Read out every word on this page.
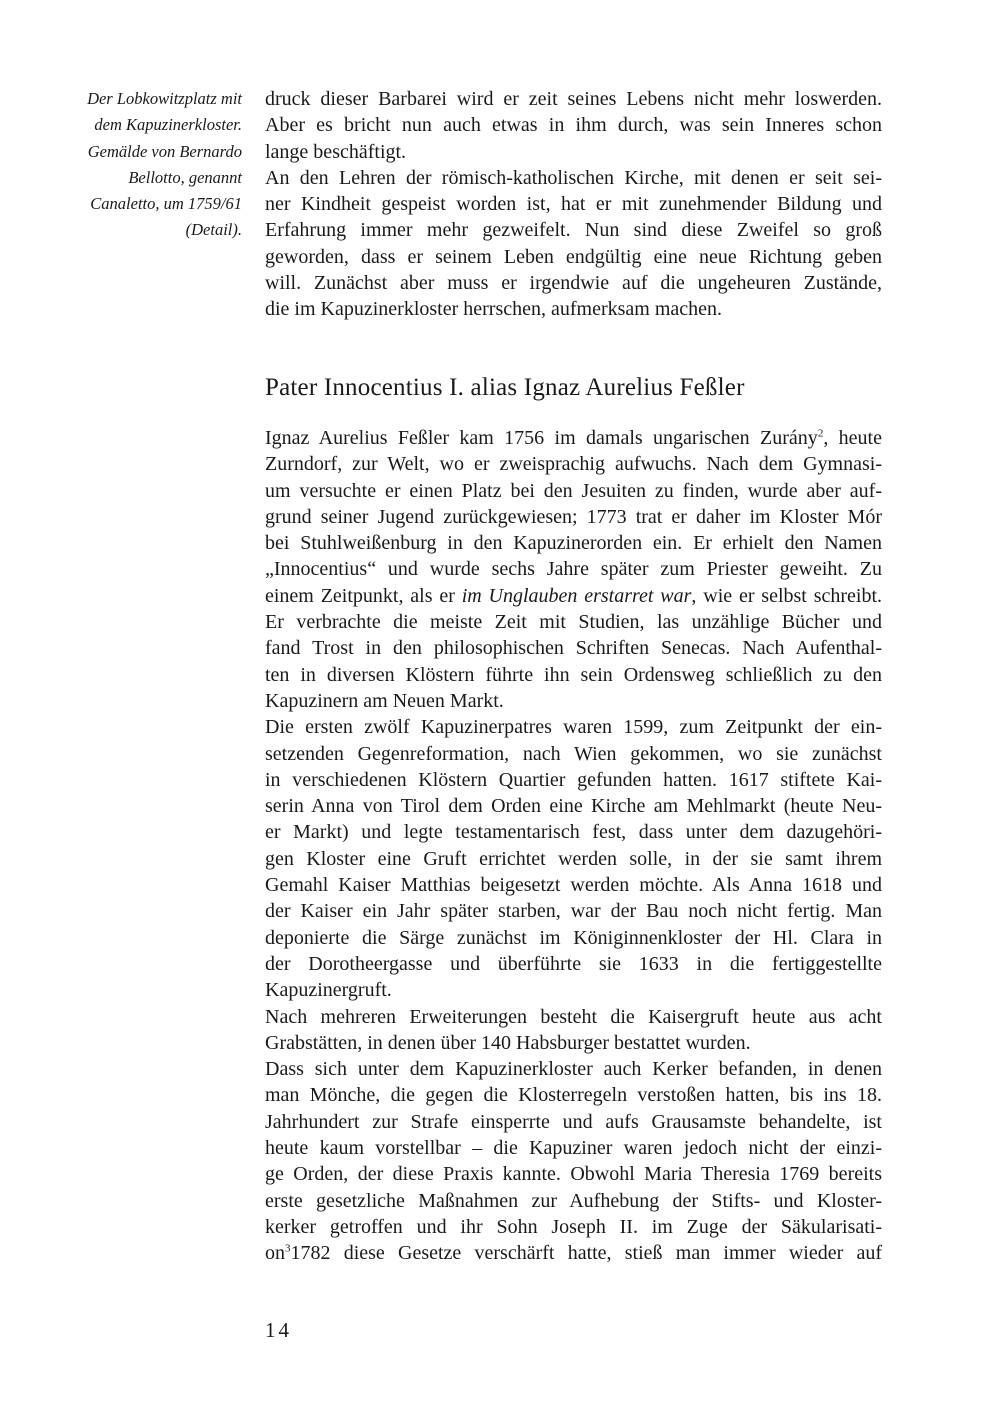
Der Lobkowitzplatz mit
dem Kapuzinerkloster.
Gemälde von Bernardo
Bellotto, genannt
Canaletto, um 1759/61
(Detail).

druck dieser Barbarei wird er zeit seines Lebens nicht mehr loswerden.
Aber es bricht nun auch etwas in ihm durch, was sein Inneres schon
lange beschäftigt.

An den Lehren der römisch-katholischen Kirche, mit denen er seit sei-
ner Kindheit gespeist worden ist, hat er mit zunehmender Bildung und
Erfahrung immer mehr gezweifelt. Nun sind diese Zweifel so groß
geworden, dass er seinem Leben endgültig eine neue Richtung geben
will. Zunächst aber muss er irgendwie auf die ungeheuren Zustände,
die im Kapuzinerkloster herrschen, aufmerksam machen.

Pater Innocentius I. alias Ignaz Aurelius Feßler

Ignaz Aurelius Feßler kam 1756 im damals ungarischen Zurány$^2$, heute
Zurndorf, zur Welt, wo er zweisprachig aufwuchs. Nach dem Gymnasi-
um versuchte er einen Platz bei den Jesuiten zu finden, wurde aber auf-
grund seiner Jugend zurückgewiesen; 1773 trat er daher im Kloster Mór
bei Stuhlweißenburg in den Kapuzinerorden ein. Er erhielt den Namen
„Innocentius“ und wurde sechs Jahre später zum Priester geweiht. Zu
einem Zeitpunkt, als er im Unglauben erstarret war, wie er selbst schreibt.
Er verbrachte die meiste Zeit mit Studien, las unzählige Bücher und
fand Trost in den philosophischen Schriften Senecas. Nach Aufenthal-
ten in diversen Klöstern führte ihn sein Ordensweg schließlich zu den
Kapuzinern am Neuen Markt.

Die ersten zwölf Kapuzinerpatres waren 1599, zum Zeitpunkt der ein-
setzenden Gegenreformation, nach Wien gekommen, wo sie zunächst
in verschiedenen Klöstern Quartier gefunden hatten. 1617 stiftete Kai-
serin Anna von Tirol dem Orden eine Kirche am Mehlmarkt (heute Neu-
er Markt) und legte testamentarisch fest, dass unter dem dazugehöri-
gen Kloster eine Gruft errichtet werden solle, in der sie samt ihrem
Gemahl Kaiser Matthias beigesetzt werden möchte. Als Anna 1618 und
der Kaiser ein Jahr später starben, war der Bau noch nicht fertig. Man
deponierte die Särge zunächst im Königinnenkloster der Hl. Clara in
der Dorotheergasse und überführte sie 1633 in die fertiggestellte
Kapuzinergruft.

Nach mehreren Erweiterungen besteht die Kaisergruft heute aus acht
Grabstätten, in denen über 140 Habsburger bestattet wurden.

Dass sich unter dem Kapuzinerkloster auch Kerker befanden, in denen
man Mönche, die gegen die Klosterregeln verstoßen hatten, bis ins 18.
Jahrhundert zur Strafe einsperrte und aufs Grausamste behandelte, ist
heute kaum vorstellbar – die Kapuziner waren jedoch nicht der einzi-
ge Orden, der diese Praxis kannte. Obwohl Maria Theresia 1769 bereits
erste gesetzliche Maßnahmen zur Aufhebung der Stifts- und Kloster-
kerker getroffen und ihr Sohn Joseph II. im Zuge der Säkularisati-
on$^3$1782 diese Gesetze verschärft hatte, stieß man immer wieder auf

14
